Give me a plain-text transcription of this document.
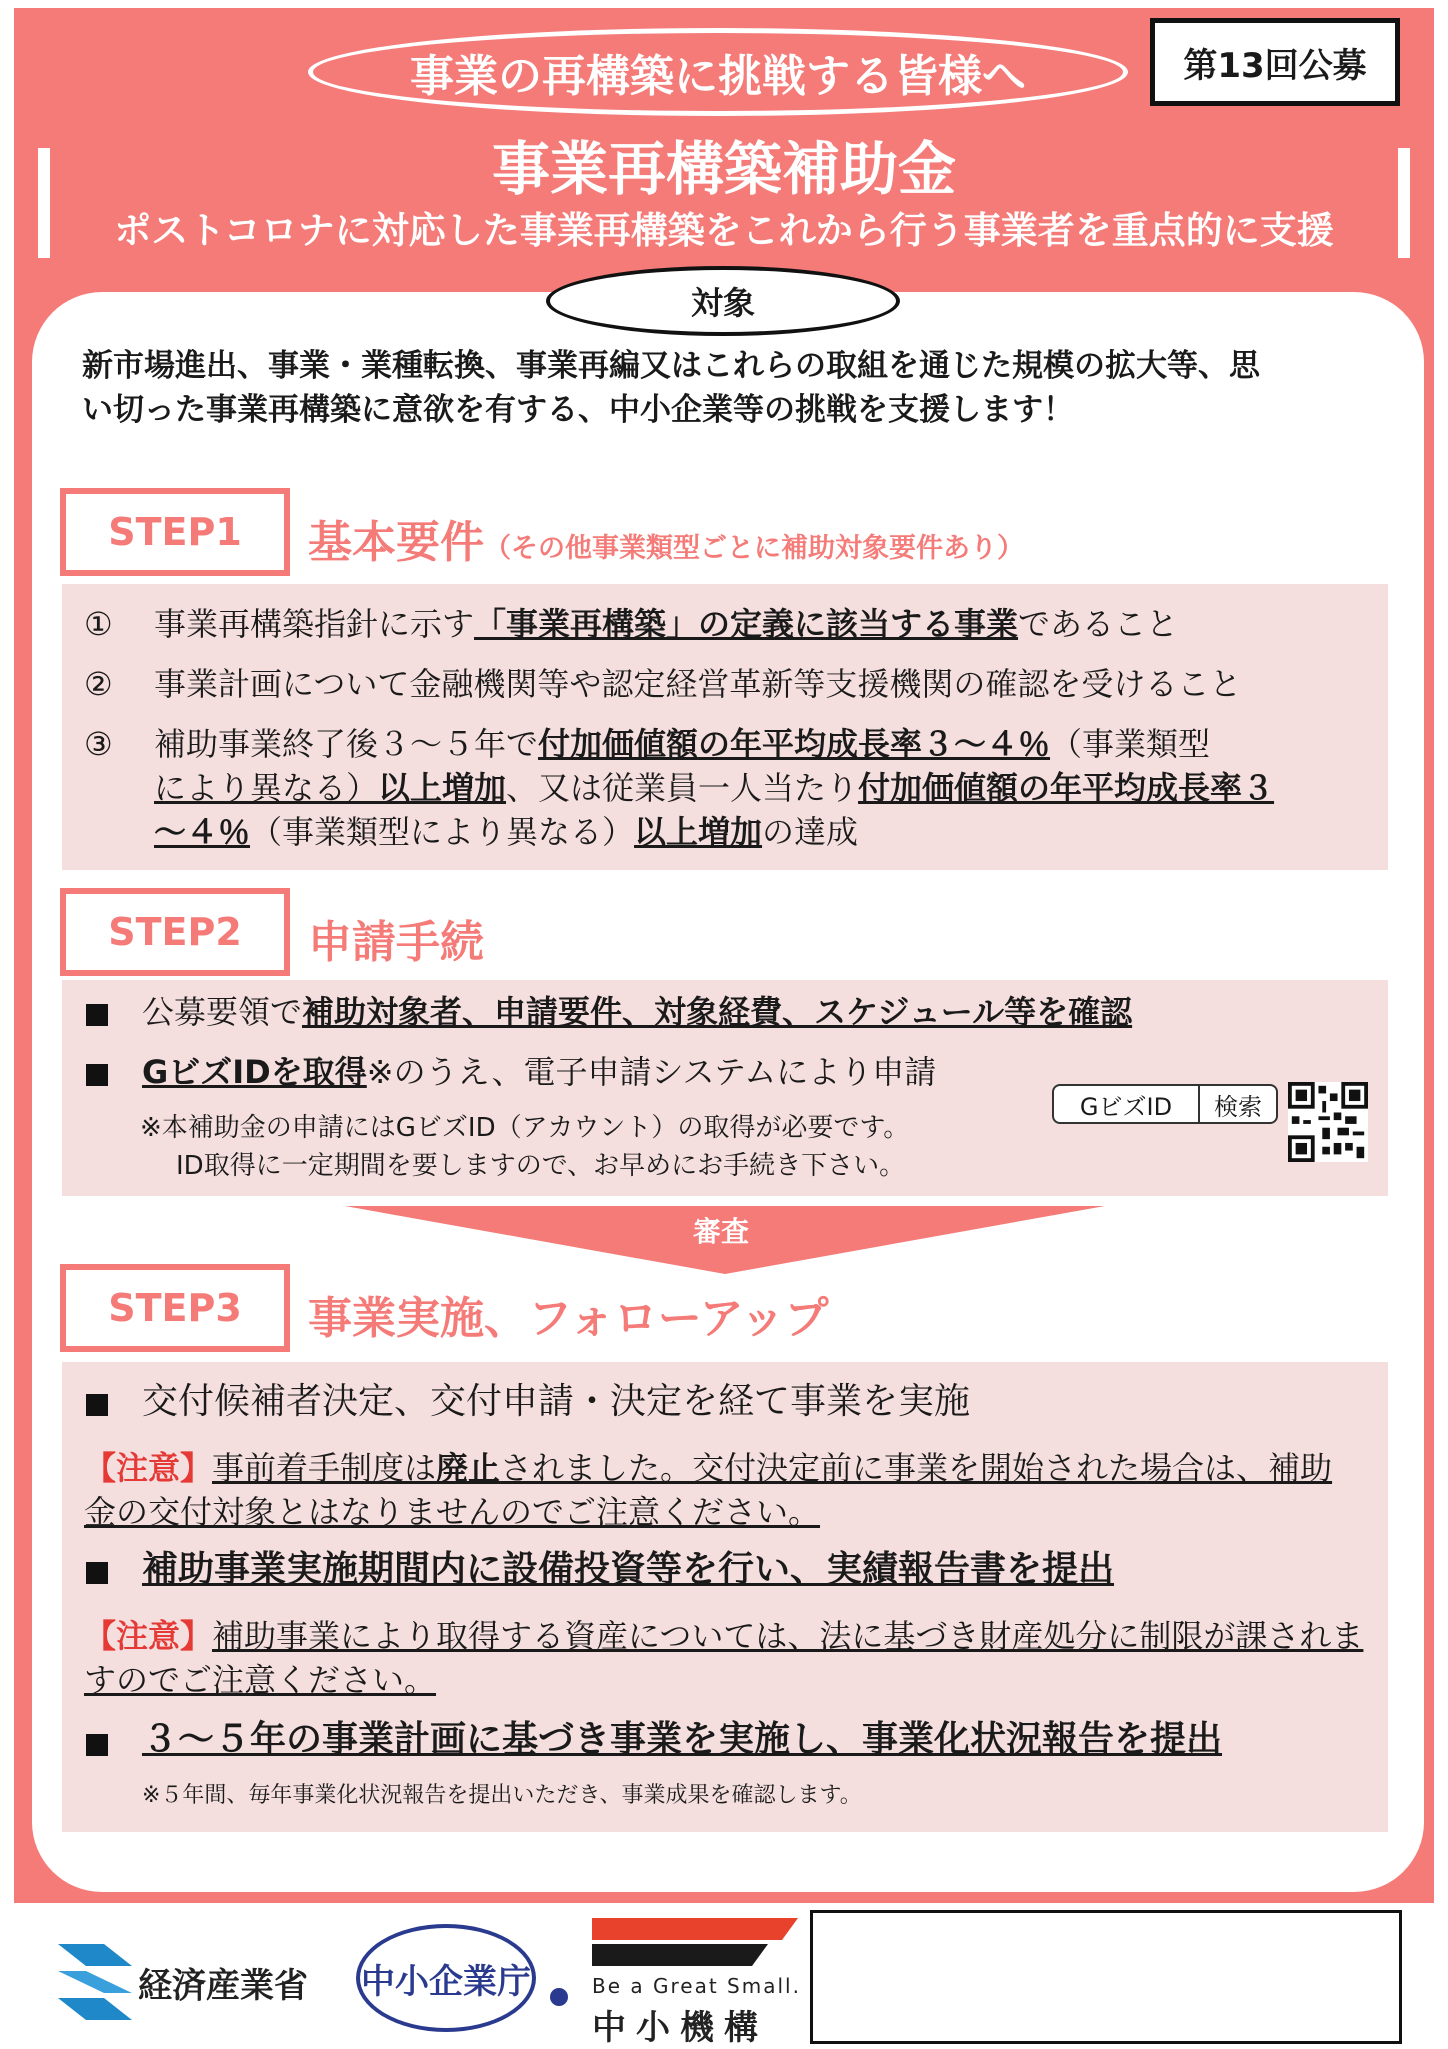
事業の再構築に挑戦する皆様へ	第13回公募
事業再構築補助金
ポストコロナに対応した事業再構築をこれから行う事業者を重点的に支援
対象
新市場進出、事業・業種転換、事業再編又はこれらの取組を通じた規模の拡大等、思
い切った事業再構築に意欲を有する、中小企業等の挑戦を支援します！
STEP1	基本要件（その他事業類型ごとに補助対象要件あり）
① 事業再構築指針に示す「事業再構築」の定義に該当する事業であること
② 事業計画について金融機関等や認定経営革新等支援機関の確認を受けること
③ 補助事業終了後３～５年で付加価値額の年平均成長率３～４％（事業類型
により異なる）以上増加、又は従業員一人当たり付加価値額の年平均成長率３
～４％（事業類型により異なる）以上増加の達成
STEP2	申請手続
公募要領で補助対象者、申請要件、対象経費、スケジュール等を確認
GビズIDを取得※のうえ、電子申請システムにより申請
※本補助金の申請にはGビズID（アカウント）の取得が必要です。
ID取得に一定期間を要しますので、お早めにお手続き下さい。
GビズID	検索
審査
STEP3	事業実施、フォローアップ
交付候補者決定、交付申請・決定を経て事業を実施
【注意】事前着手制度は廃止されました。交付決定前に事業を開始された場合は、補助
金の交付対象とはなりませんのでご注意ください。
補助事業実施期間内に設備投資等を行い、実績報告書を提出
【注意】補助事業により取得する資産については、法に基づき財産処分に制限が課されま
すのでご注意ください。
３～５年の事業計画に基づき事業を実施し、事業化状況報告を提出
※５年間、毎年事業化状況報告を提出いただき、事業成果を確認します。
経済産業省 中小企業庁	Be a Great Small.
中小機構
